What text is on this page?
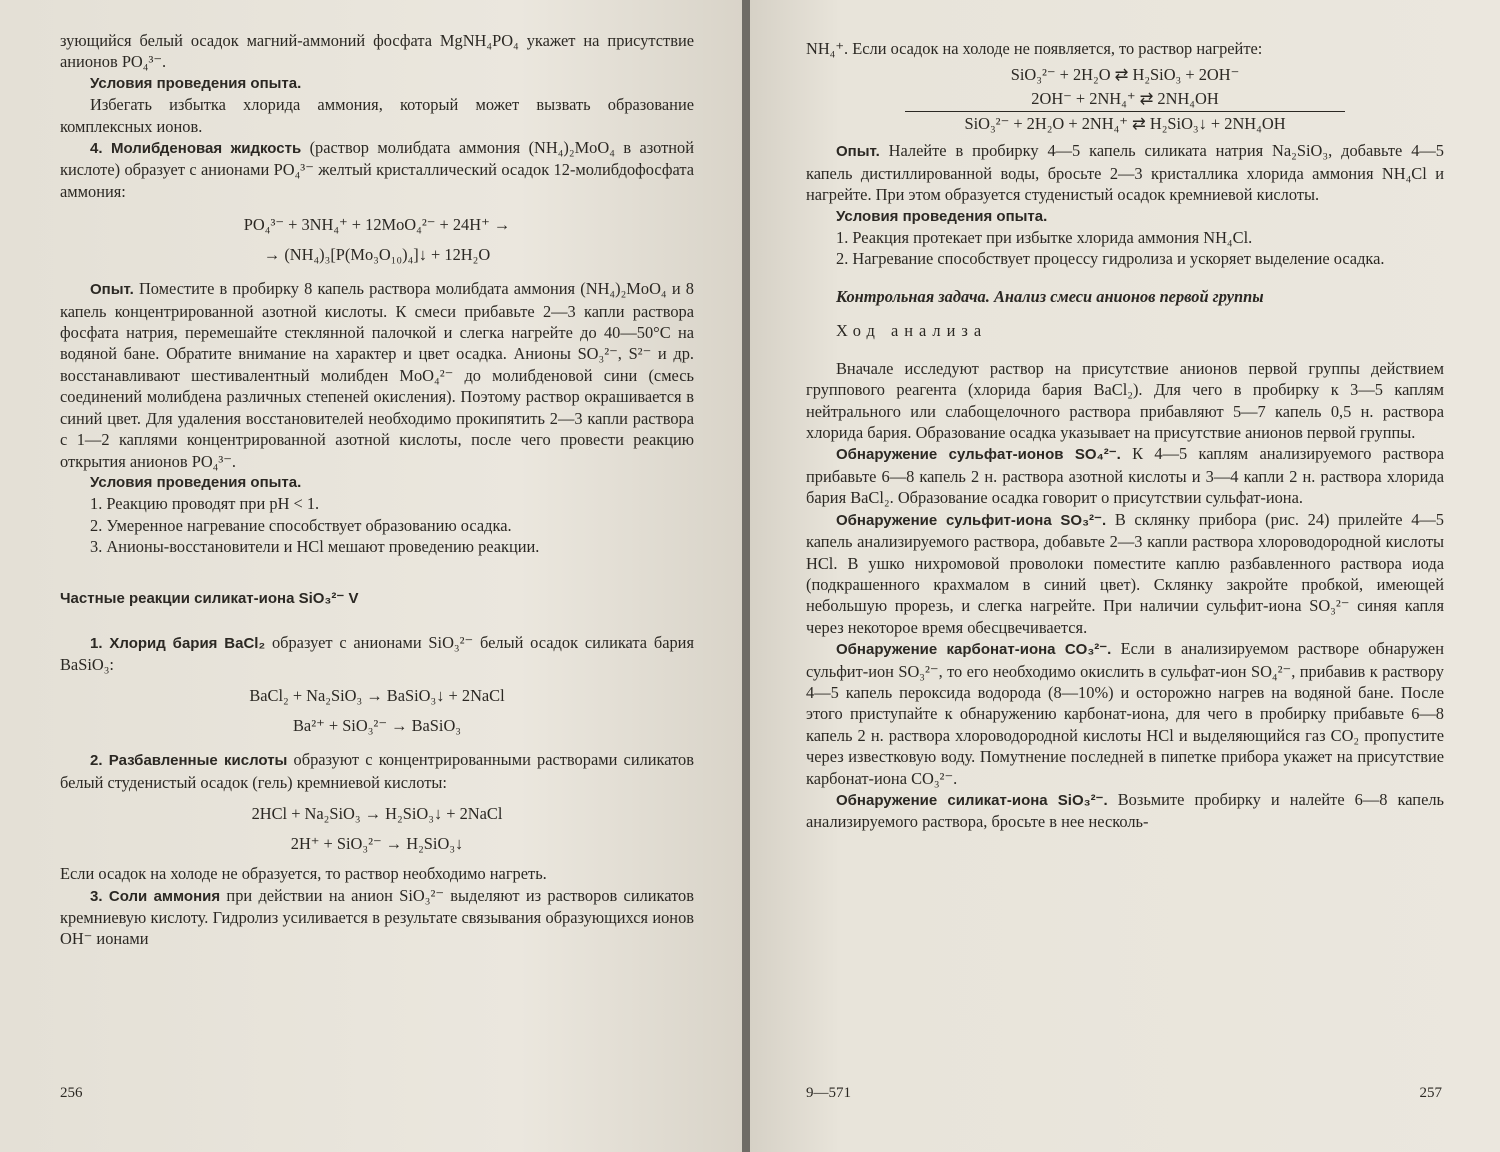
зующийся белый осадок магний-аммоний фосфата MgNH₄PO₄ укажет на присутствие анионов PO₄³⁻.

Условия проведения опыта.

Избегать избытка хлорида аммония, который может вызвать образование комплексных ионов.

4. Молибденовая жидкость (раствор молибдата аммония (NH₄)₂MoO₄ в азотной кислоте) образует с анионами PO₄³⁻ желтый кристаллический осадок 12-молибдофосфата аммония:

PO₄³⁻ + 3NH₄⁺ + 12MoO₄²⁻ + 24H⁺ →

→ (NH₄)₃[P(Mo₃O₁₀)₄]↓ + 12H₂O

Опыт. Поместите в пробирку 8 капель раствора молибдата аммония (NH₄)₂MoO₄ и 8 капель концентрированной азотной кислоты. К смеси прибавьте 2—3 капли раствора фосфата натрия, перемешайте стеклянной палочкой и слегка нагрейте до 40—50°С на водяной бане. Обратите внимание на характер и цвет осадка. Анионы SO₃²⁻, S²⁻ и др. восстанавливают шестивалентный молибден MoO₄²⁻ до молибденовой сини (смесь соединений молибдена различных степеней окисления). Поэтому раствор окрашивается в синий цвет. Для удаления восстановителей необходимо прокипятить 2—3 капли раствора с 1—2 каплями концентрированной азотной кислоты, после чего провести реакцию открытия анионов PO₄³⁻.

Условия проведения опыта.

1. Реакцию проводят при pH < 1.

2. Умеренное нагревание способствует образованию осадка.

3. Анионы-восстановители и HCl мешают проведению реакции.

Частные реакции силикат-иона SiO₃²⁻ V

1. Хлорид бария BaCl₂ образует с анионами SiO₃²⁻ белый осадок силиката бария BaSiO₃:

BaCl₂ + Na₂SiO₃ → BaSiO₃↓ + 2NaCl

Ba²⁺ + SiO₃²⁻ → BaSiO₃

2. Разбавленные кислоты образуют с концентрированными растворами силикатов белый студенистый осадок (гель) кремниевой кислоты:

2HCl + Na₂SiO₃ → H₂SiO₃↓ + 2NaCl

2H⁺ + SiO₃²⁻ → H₂SiO₃↓

Если осадок на холоде не образуется, то раствор необходимо нагреть.

3. Соли аммония при действии на анион SiO₃²⁻ выделяют из растворов силикатов кремниевую кислоту. Гидролиз усиливается в результате связывания образующихся ионов OH⁻ ионами

256

NH₄⁺. Если осадок на холоде не появляется, то раствор нагрейте:

SiO₃²⁻ + 2H₂O ⇄ H₂SiO₃ + 2OH⁻
2OH⁻ + 2NH₄⁺ ⇄ 2NH₄OH
SiO₃²⁻ + 2H₂O + 2NH₄⁺ ⇄ H₂SiO₃↓ + 2NH₄OH

Опыт. Налейте в пробирку 4—5 капель силиката натрия Na₂SiO₃, добавьте 4—5 капель дистиллированной воды, бросьте 2—3 кристаллика хлорида аммония NH₄Cl и нагрейте. При этом образуется студенистый осадок кремниевой кислоты.

Условия проведения опыта.

1. Реакция протекает при избытке хлорида аммония NH₄Cl.

2. Нагревание способствует процессу гидролиза и ускоряет выделение осадка.

Контрольная задача. Анализ смеси анионов первой группы

Ход анализа

Вначале исследуют раствор на присутствие анионов первой группы действием группового реагента (хлорида бария BaCl₂). Для чего в пробирку к 3—5 каплям нейтрального или слабощелочного раствора прибавляют 5—7 капель 0,5 н. раствора хлорида бария. Образование осадка указывает на присутствие анионов первой группы.

Обнаружение сульфат-ионов SO₄²⁻. К 4—5 каплям анализируемого раствора прибавьте 6—8 капель 2 н. раствора азотной кислоты и 3—4 капли 2 н. раствора хлорида бария BaCl₂. Образование осадка говорит о присутствии сульфат-иона.

Обнаружение сульфит-иона SO₃²⁻. В склянку прибора (рис. 24) прилейте 4—5 капель анализируемого раствора, добавьте 2—3 капли раствора хлороводородной кислоты HCl. В ушко нихромовой проволоки поместите каплю разбавленного раствора иода (подкрашенного крахмалом в синий цвет). Склянку закройте пробкой, имеющей небольшую прорезь, и слегка нагрейте. При наличии сульфит-иона SO₃²⁻ синяя капля через некоторое время обесцвечивается.

Обнаружение карбонат-иона CO₃²⁻. Если в анализируемом растворе обнаружен сульфит-ион SO₃²⁻, то его необходимо окислить в сульфат-ион SO₄²⁻, прибавив к раствору 4—5 капель пероксида водорода (8—10%) и осторожно нагрев на водяной бане. После этого приступайте к обнаружению карбонат-иона, для чего в пробирку прибавьте 6—8 капель 2 н. раствора хлороводородной кислоты HCl и выделяющийся газ CO₂ пропустите через известковую воду. Помутнение последней в пипетке прибора укажет на присутствие карбонат-иона CO₃²⁻.

Обнаружение силикат-иона SiO₃²⁻. Возьмите пробирку и налейте 6—8 капель анализируемого раствора, бросьте в нее несколь-

9—571	257
